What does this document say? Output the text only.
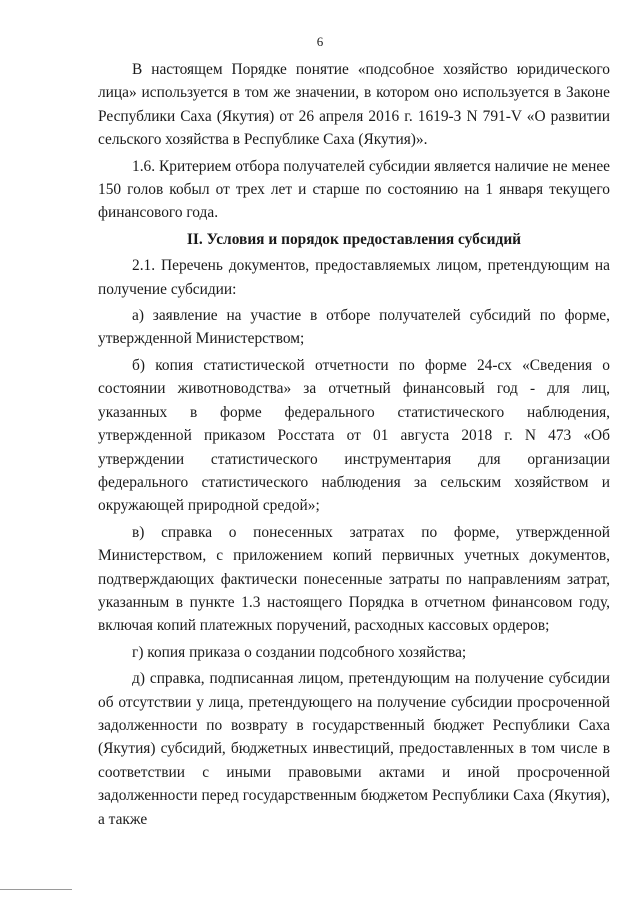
6

В настоящем Порядке понятие «подсобное хозяйство юридического лица» используется в том же значении, в котором оно используется в Законе Республики Саха (Якутия) от 26 апреля 2016 г. 1619-З N 791-V «О развитии сельского хозяйства в Республике Саха (Якутия)».

1.6. Критерием отбора получателей субсидии является наличие не менее 150 голов кобыл от трех лет и старше по состоянию на 1 января текущего финансового года.

II. Условия и порядок предоставления субсидий

2.1. Перечень документов, предоставляемых лицом, претендующим на получение субсидии:

а) заявление на участие в отборе получателей субсидий по форме, утвержденной Министерством;

б) копия статистической отчетности по форме 24-сх «Сведения о состоянии животноводства» за отчетный финансовый год - для лиц, указанных в форме федерального статистического наблюдения, утвержденной приказом Росстата от 01 августа 2018 г. N 473 «Об утверждении статистического инструментария для организации федерального статистического наблюдения за сельским хозяйством и окружающей природной средой»;

в) справка о понесенных затратах по форме, утвержденной Министерством, с приложением копий первичных учетных документов, подтверждающих фактически понесенные затраты по направлениям затрат, указанным в пункте 1.3 настоящего Порядка в отчетном финансовом году, включая копий платежных поручений, расходных кассовых ордеров;

г) копия приказа о создании подсобного хозяйства;

д) справка, подписанная лицом, претендующим на получение субсидии об отсутствии у лица, претендующего на получение субсидии просроченной задолженности по возврату в государственный бюджет Республики Саха (Якутия) субсидий, бюджетных инвестиций, предоставленных в том числе в соответствии с иными правовыми актами и иной просроченной задолженности перед государственным бюджетом Республики Саха (Якутия), а также
